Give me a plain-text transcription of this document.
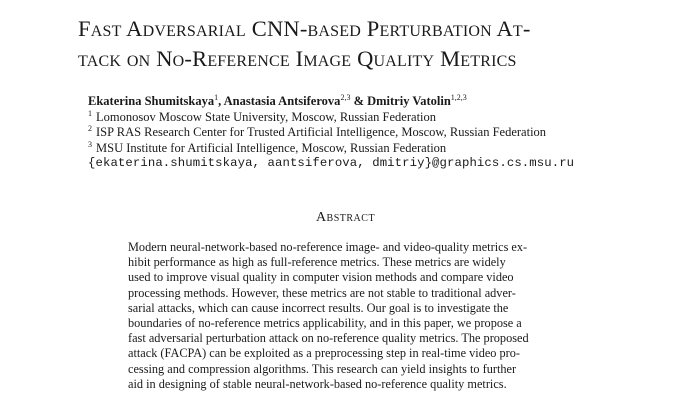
Fast Adversarial CNN-based Perturbation At-
tack on No-Reference Image Quality Metrics
Ekaterina Shumitskaya$^1$, Anastasia Antsiferova$^{2,3}$ & Dmitriy Vatolin$^{1,2,3}$
$^1$ Lomonosov Moscow State University, Moscow, Russian Federation
$^2$ ISP RAS Research Center for Trusted Artificial Intelligence, Moscow, Russian Federation
$^3$ MSU Institute for Artificial Intelligence, Moscow, Russian Federation
{ekaterina.shumitskaya, aantsiferova, dmitriy}@graphics.cs.msu.ru
Abstract
Modern neural-network-based no-reference image- and video-quality metrics ex-
hibit performance as high as full-reference metrics. These metrics are widely
used to improve visual quality in computer vision methods and compare video
processing methods. However, these metrics are not stable to traditional adver-
sarial attacks, which can cause incorrect results. Our goal is to investigate the
boundaries of no-reference metrics applicability, and in this paper, we propose a
fast adversarial perturbation attack on no-reference quality metrics. The proposed
attack (FACPA) can be exploited as a preprocessing step in real-time video pro-
cessing and compression algorithms. This research can yield insights to further
aid in designing of stable neural-network-based no-reference quality metrics.
